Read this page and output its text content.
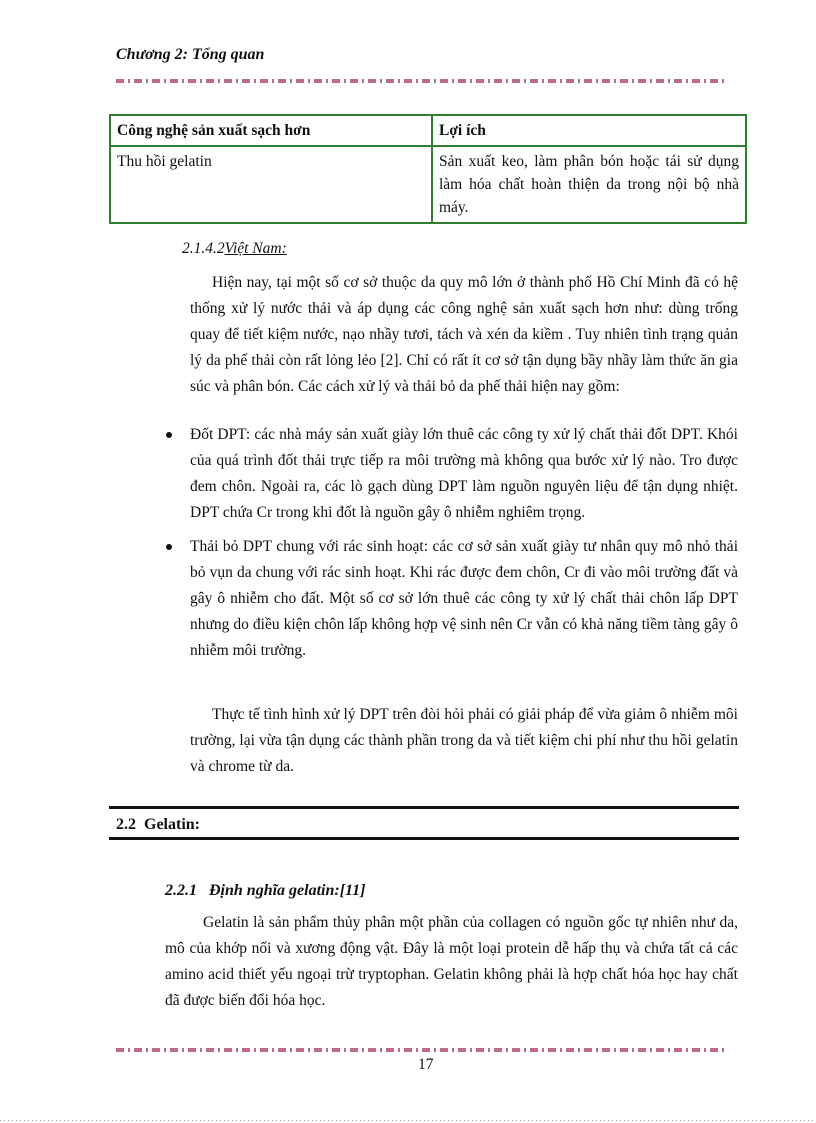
Chương 2: Tổng quan
Công nghệ sản xuất sạch hơn	Lợi ích
Thu hồi gelatin	Sản xuất keo, làm phân bón hoặc tái sử dụng làm hóa chất hoàn thiện da trong nội bộ nhà máy.
2.1.4.2Việt Nam:
Hiện nay, tại một số cơ sở thuộc da quy mô lớn ở thành phố Hồ Chí Minh đã có hệ thống xử lý nước thải và áp dụng các công nghệ sản xuất sạch hơn như: dùng trống quay để tiết kiệm nước, nạo nhầy tươi, tách và xén da kiềm . Tuy nhiên tình trạng quản lý da phế thải còn rất lỏng lẻo [2]. Chỉ có rất ít cơ sở tận dụng bầy nhầy làm thức ăn gia súc và phân bón. Các cách xử lý và thải bỏ da phế thải hiện nay gồm:
Đốt DPT: các nhà máy sản xuất giày lớn thuê các công ty xử lý chất thải đốt DPT. Khói của quá trình đốt thải trực tiếp ra môi trường mà không qua bước xử lý nào. Tro được đem chôn. Ngoài ra, các lò gạch dùng DPT làm nguồn nguyên liệu để tận dụng nhiệt. DPT chứa Cr trong khi đốt là nguồn gây ô nhiễm nghiêm trọng.
Thải bỏ DPT chung với rác sinh hoạt: các cơ sở sản xuất giày tư nhân quy mô nhỏ thải bỏ vụn da chung với rác sinh hoạt. Khi rác được đem chôn, Cr đi vào môi trường đất và gây ô nhiễm cho đất. Một số cơ sở lớn thuê các công ty xử lý chất thải chôn lấp DPT nhưng do điều kiện chôn lấp không hợp vệ sinh nên Cr vẫn có khả năng tiềm tàng gây ô nhiễm môi trường.
Thực tế tình hình xử lý DPT trên đòi hỏi phải có giải pháp để vừa giảm ô nhiễm môi trường, lại vừa tận dụng các thành phần trong da và tiết kiệm chi phí như thu hồi gelatin và chrome từ da.
2.2 Gelatin:
2.2.1 Định nghĩa gelatin:[11]
Gelatin là sản phẩm thủy phân một phần của collagen có nguồn gốc tự nhiên như da, mô của khớp nối và xương động vật. Đây là một loại protein dễ hấp thụ và chứa tất cả các amino acid thiết yếu ngoại trừ tryptophan. Gelatin không phải là hợp chất hóa học hay chất đã được biến đổi hóa học.
17
